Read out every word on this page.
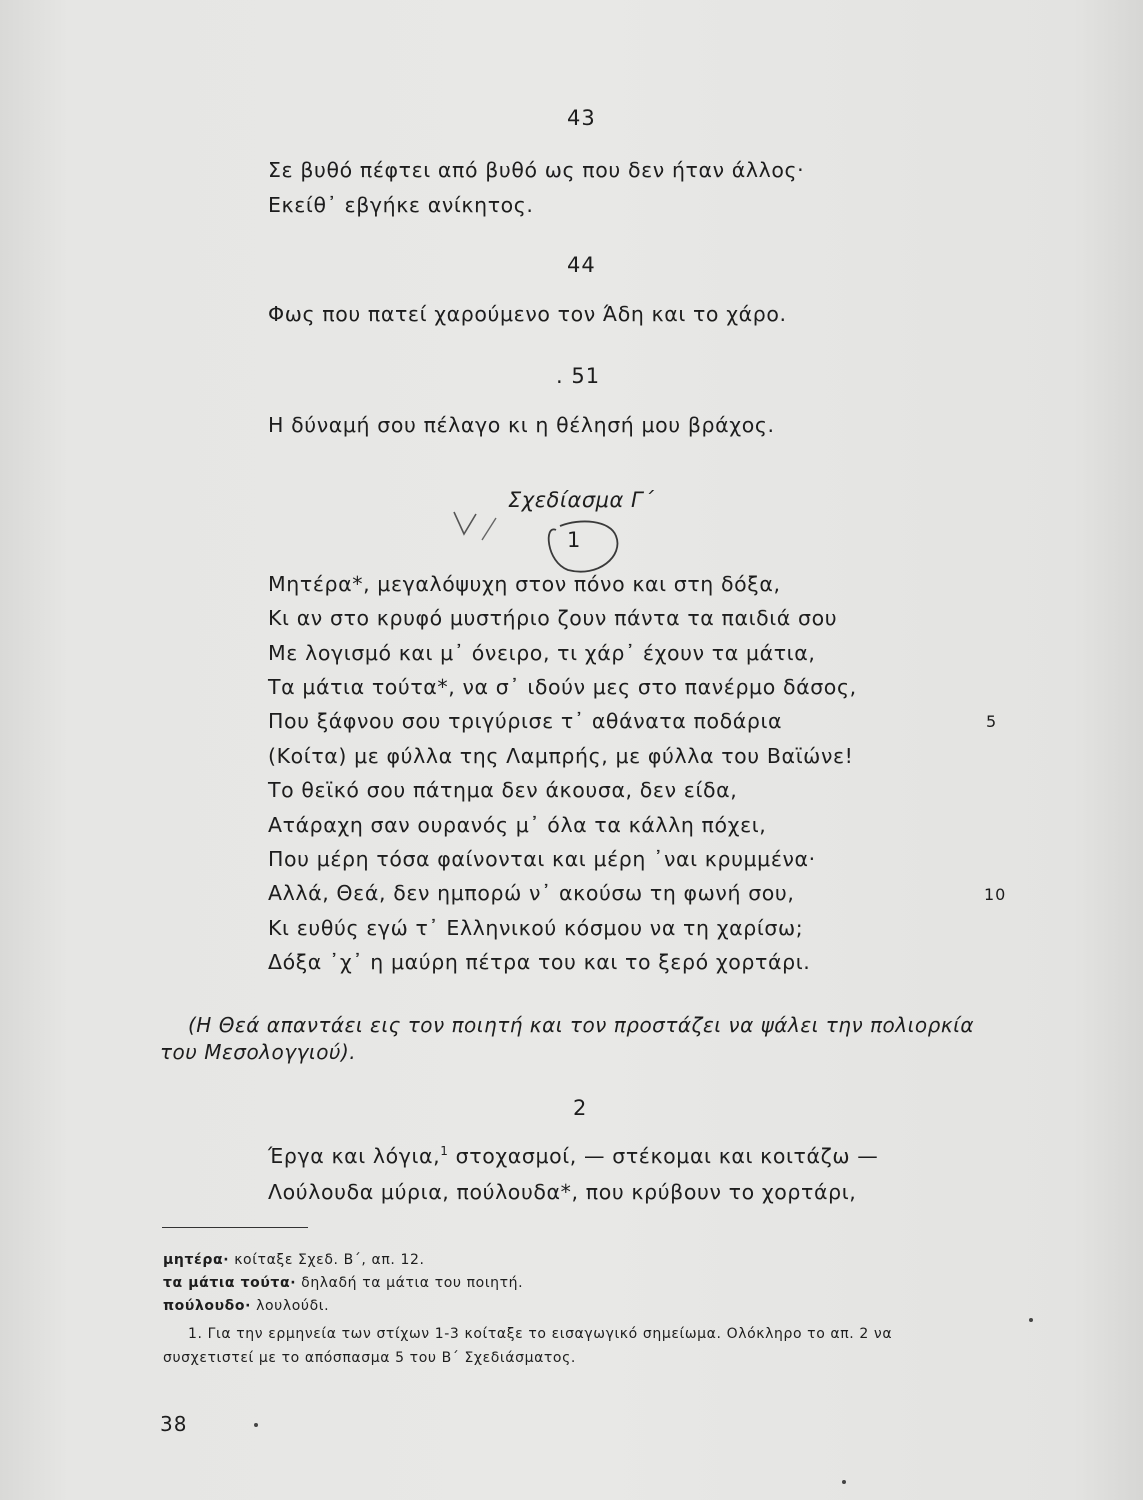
43
Σε βυθό πέφτει από βυθό ως που δεν ήταν άλλος·
Εκείθ᾽ εβγήκε ανίκητος.
44
Φως που πατεί χαρούμενο τον Άδη και το χάρο.
. 51
Η δύναμή σου πέλαγο κι η θέλησή μου βράχος.
Σχεδίασμα Γ΄
1
Μητέρα*, μεγαλόψυχη στον πόνο και στη δόξα,
Κι αν στο κρυφό μυστήριο ζουν πάντα τα παιδιά σου
Με λογισμό και μ᾽ όνειρο, τι χάρ᾽ έχουν τα μάτια,
Τα μάτια τούτα*, να σ᾽ ιδούν μες στο πανέρμο δάσος,
Που ξάφνου σου τριγύρισε τ᾽ αθάνατα ποδάρια	5
(Κοίτα) με φύλλα της Λαμπρής, με φύλλα του Βαϊώνε!
Το θεϊκό σου πάτημα δεν άκουσα, δεν είδα,
Ατάραχη σαν ουρανός μ᾽ όλα τα κάλλη πόχει,
Που μέρη τόσα φαίνονται και μέρη ᾽ναι κρυμμένα·
Αλλά, Θεά, δεν ημπορώ ν᾽ ακούσω τη φωνή σου,	10
Κι ευθύς εγώ τ᾽ Ελληνικού κόσμου να τη χαρίσω;
Δόξα ᾽χ᾽ η μαύρη πέτρα του και το ξερό χορτάρι.
(Η Θεά απαντάει εις τον ποιητή και τον προστάζει να ψάλει την πολιορκία
του Μεσολογγιού).
2
Έργα και λόγια,$^1$ στοχασμοί, — στέκομαι και κοιτάζω —
Λούλουδα μύρια, πούλουδα*, που κρύβουν το χορτάρι,
μητέρα· κοίταξε Σχεδ. Β΄, απ. 12.
τα μάτια τούτα· δηλαδή τα μάτια του ποιητή.
πούλουδο· λουλούδι.
1. Για την ερμηνεία των στίχων 1-3 κοίταξε το εισαγωγικό σημείωμα. Ολόκληρο το απ. 2 να
συσχετιστεί με το απόσπασμα 5 του Β΄ Σχεδιάσματος.
38
